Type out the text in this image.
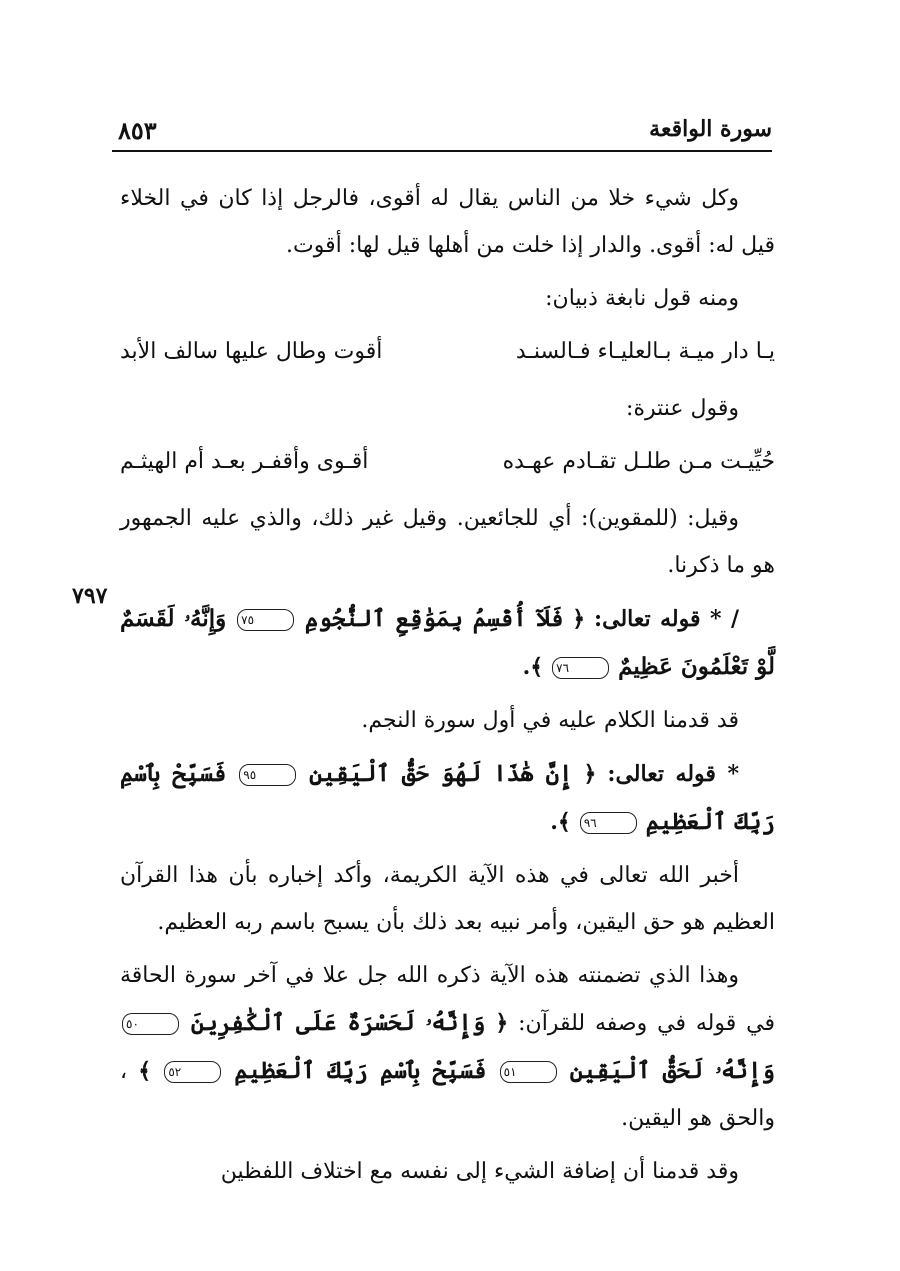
سورة الواقعة
٨٥٣
٧٩٧

وكل شيء خلا من الناس يقال له أقوى، فالرجل إذا كان في الخلاء قيل له: أقوى. والدار إذا خلت من أهلها قيل لها: أقوت.

ومنه قول نابغة ذبيان:

يـا دار ميـة بـالعليـاء فـالسنـد
أقوت وطال عليها سالف الأبد

وقول عنترة:

حُيِّيـت مـن طلـل تقـادم عهـده
أقـوى وأقفـر بعـد أم الهيثـم

وقيل: (للمقوين): أي للجائعين. وقيل غير ذلك، والذي عليه الجمهور هو ما ذكرنا.

/ * قوله تعالى: ﴿ فَلَآ أُقْسِمُ بِمَوَٰقِعِ ٱلنُّجُومِ ٧٥ وَإِنَّهُۥ لَقَسَمٌ لَّوْ تَعْلَمُونَ عَظِيمٌ ٧٦ ﴾.

قد قدمنا الكلام عليه في أول سورة النجم.

* قوله تعالى: ﴿ إِنَّ هَٰذَا لَهُوَ حَقُّ ٱلْيَقِينِ ٩٥ فَسَبِّحْ بِٱسْمِ رَبِّكَ ٱلْعَظِيمِ ٩٦ ﴾.

أخبر الله تعالى في هذه الآية الكريمة، وأكد إخباره بأن هذا القرآن العظيم هو حق اليقين، وأمر نبيه بعد ذلك بأن يسبح باسم ربه العظيم.

وهذا الذي تضمنته هذه الآية ذكره الله جل علا في آخر سورة الحاقة في قوله في وصفه للقرآن: ﴿ وَإِنَّهُۥ لَحَسْرَةٌ عَلَى ٱلْكَٰفِرِينَ ٥٠ وَإِنَّهُۥ لَحَقُّ ٱلْيَقِينِ ٥١ فَسَبِّحْ بِٱسْمِ رَبِّكَ ٱلْعَظِيمِ ٥٢ ﴾ ، والحق هو اليقين.

وقد قدمنا أن إضافة الشيء إلى نفسه مع اختلاف اللفظين
